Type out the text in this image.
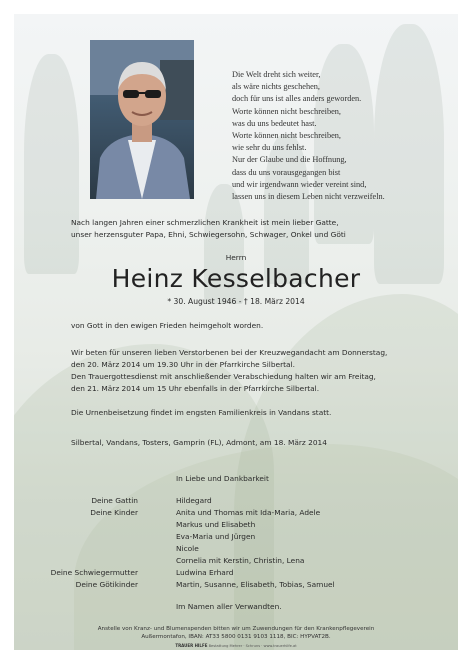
Die Welt dreht sich weiter,
als wäre nichts geschehen,
doch für uns ist alles anders geworden.
Worte können nicht beschreiben,
was du uns bedeutet hast.
Worte können nicht beschreiben,
wie sehr du uns fehlst.
Nur der Glaube und die Hoffnung,
dass du uns vorausgegangen bist
und wir irgendwann wieder vereint sind,
lassen uns in diesem Leben nicht verzweifeln.
Nach langen Jahren einer schmerzlichen Krankheit ist mein lieber Gatte,
unser herzensguter Papa, Ehni, Schwiegersohn, Schwager, Onkel und Göti
Herrn
Heinz Kesselbacher
* 30. August 1946 - † 18. März 2014
von Gott in den ewigen Frieden heimgeholt worden.
Wir beten für unseren lieben Verstorbenen bei der Kreuzwegandacht am Donnerstag,
den 20. März 2014 um 19.30 Uhr in der Pfarrkirche Silbertal.
Den Trauergottesdienst mit anschließender Verabschiedung halten wir am Freitag,
den 21. März 2014 um 15 Uhr ebenfalls in der Pfarrkirche Silbertal.
Die Urnenbeisetzung findet im engsten Familienkreis in Vandans statt.
Silbertal, Vandans, Tosters, Gamprin (FL), Admont, am 18. März 2014
In Liebe und Dankbarkeit
Deine Gattin	Hildegard
Deine Kinder	Anita und Thomas mit Ida-Maria, Adele
Markus und Elisabeth
Eva-Maria und Jürgen
Nicole
Cornelia mit Kerstin, Christin, Lena
Deine Schwiegermutter	Ludwina Erhard
Deine Götikinder	Martin, Susanne, Elisabeth, Tobias, Samuel
Im Namen aller Verwandten.
Anstelle von Kranz- und Blumenspenden bitten wir um Zuwendungen für den Krankenpflegeverein
Außermontafon, IBAN: AT33 5800 0131 9103 1118, BIC: HYPVAT2B.
TRAUER HILFE Bestattung Mehrer · Schruns · www.trauerhilfe.at
